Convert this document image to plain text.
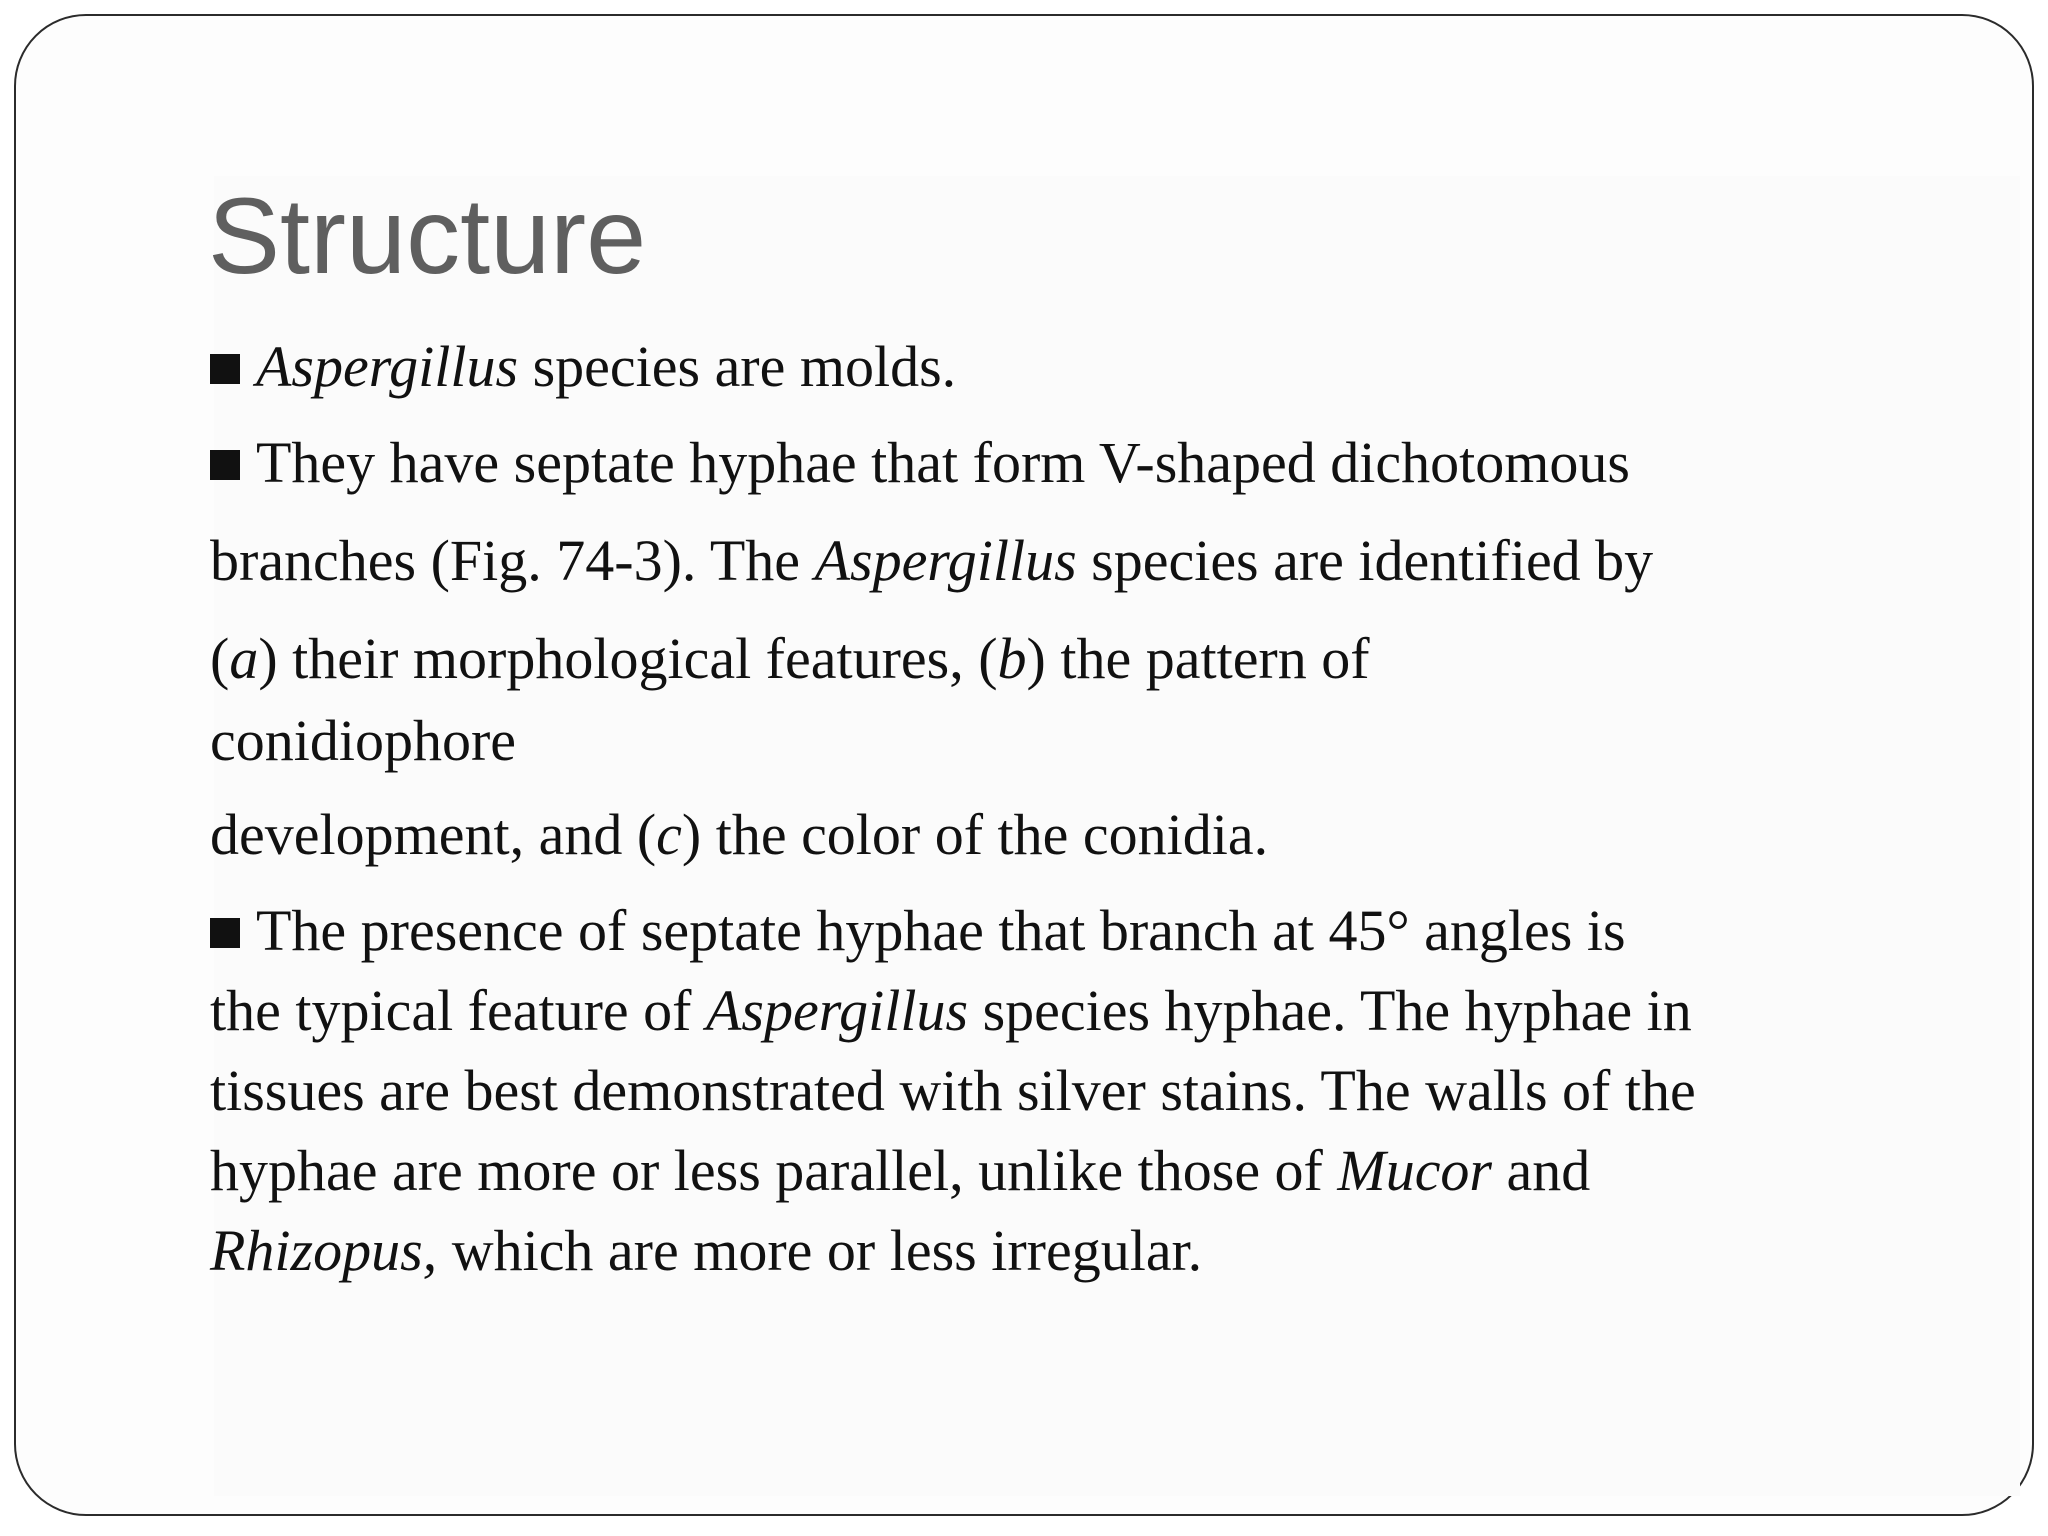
Structure
Aspergillus species are molds.
They have septate hyphae that form V-shaped dichotomous
branches (Fig. 74-3). The Aspergillus species are identified by
(a) their morphological features, (b) the pattern of
conidiophore
development, and (c) the color of the conidia.
The presence of septate hyphae that branch at 45° angles is
the typical feature of Aspergillus species hyphae. The hyphae in
tissues are best demonstrated with silver stains. The walls of the
hyphae are more or less parallel, unlike those of Mucor and
Rhizopus, which are more or less irregular.
